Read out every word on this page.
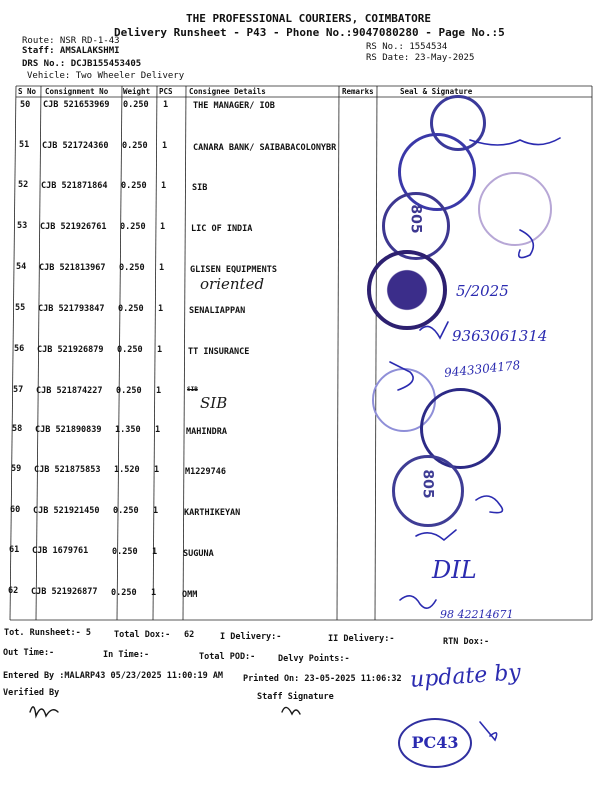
THE PROFESSIONAL COURIERS, COIMBATORE
Delivery Runsheet - P43 - Phone No.:9047080280 - Page No.:5
Route: NSR RD-1-43
Staff: AMSALAKSHMI
DRS No.: DCJB155453405
Vehicle: Two Wheeler Delivery
RS No.: 1554534
RS Date: 23-May-2025
S No Consignment No Weight PCS Consignee Details	Remarks	Seal & Signature
50 CJB 521653969 0.250 1	THE MANAGER/ IOB
51 CJB 521724360 0.250 1	CANARA BANK/ SAIBABACOLONYBR
52 CJB 521871864 0.250 1	SIB
53 CJB 521926761 0.250 1	LIC OF INDIA
54 CJB 521813967 0.250 1	GLISEN EQUIPMENTS
55 CJB 521793847 0.250 1	SENALIAPPAN
56 CJB 521926879 0.250 1	TT INSURANCE
57 CJB 521874227 0.250 1	SIB
58 CJB 521890839 1.350 1	MAHINDRA
59 CJB 521875853 1.520 1	M1229746
60 CJB 521921450 0.250 1	KARTHIKEYAN
61 CJB 1679761	0.250 1	SUGUNA
62 CJB 521926877 0.250 1	OMM
Tot. Runsheet:- 5	Total Dox:- 62	I Delivery:-	II Delivery:-	RTN Dox:-
Out Time:-	In Time:-	Total POD:-	Delvy Points:-
Entered By :MALARP43 05/23/2025 11:00:19 AM Printed On: 23-05-2025 11:06:32
Verified By	Staff Signature
805
805
oriented	5/2025
9363061314
9443304178
SIB
DIL
98 42214671
update by
PC43
